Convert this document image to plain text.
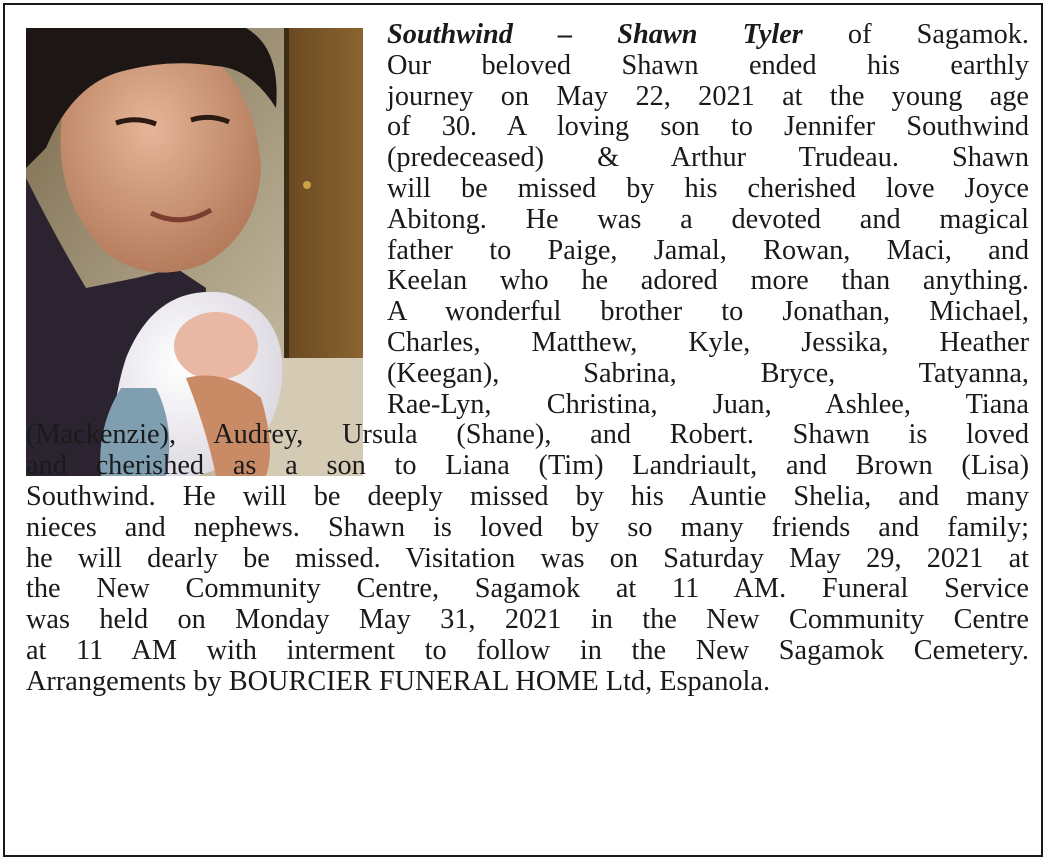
Southwind – Shawn Tyler of Sagamok.
Our beloved Shawn ended his earthly
journey on May 22, 2021 at the young age
of 30. A loving son to Jennifer Southwind
(predeceased) & Arthur Trudeau. Shawn
will be missed by his cherished love Joyce
Abitong. He was a devoted and magical
father to Paige, Jamal, Rowan, Maci, and
Keelan who he adored more than anything.
A wonderful brother to Jonathan, Michael,
Charles, Matthew, Kyle, Jessika, Heather
(Keegan), Sabrina, Bryce, Tatyanna,
Rae-Lyn, Christina, Juan, Ashlee, Tiana
(Mackenzie), Audrey, Ursula (Shane), and Robert. Shawn is loved
and cherished as a son to Liana (Tim) Landriault, and Brown (Lisa)
Southwind. He will be deeply missed by his Auntie Shelia, and many
nieces and nephews. Shawn is loved by so many friends and family;
he will dearly be missed. Visitation was on Saturday May 29, 2021 at
the New Community Centre, Sagamok at 11 AM. Funeral Service
was held on Monday May 31, 2021 in the New Community Centre
at 11 AM with interment to follow in the New Sagamok Cemetery.
Arrangements by BOURCIER FUNERAL HOME Ltd, Espanola.
